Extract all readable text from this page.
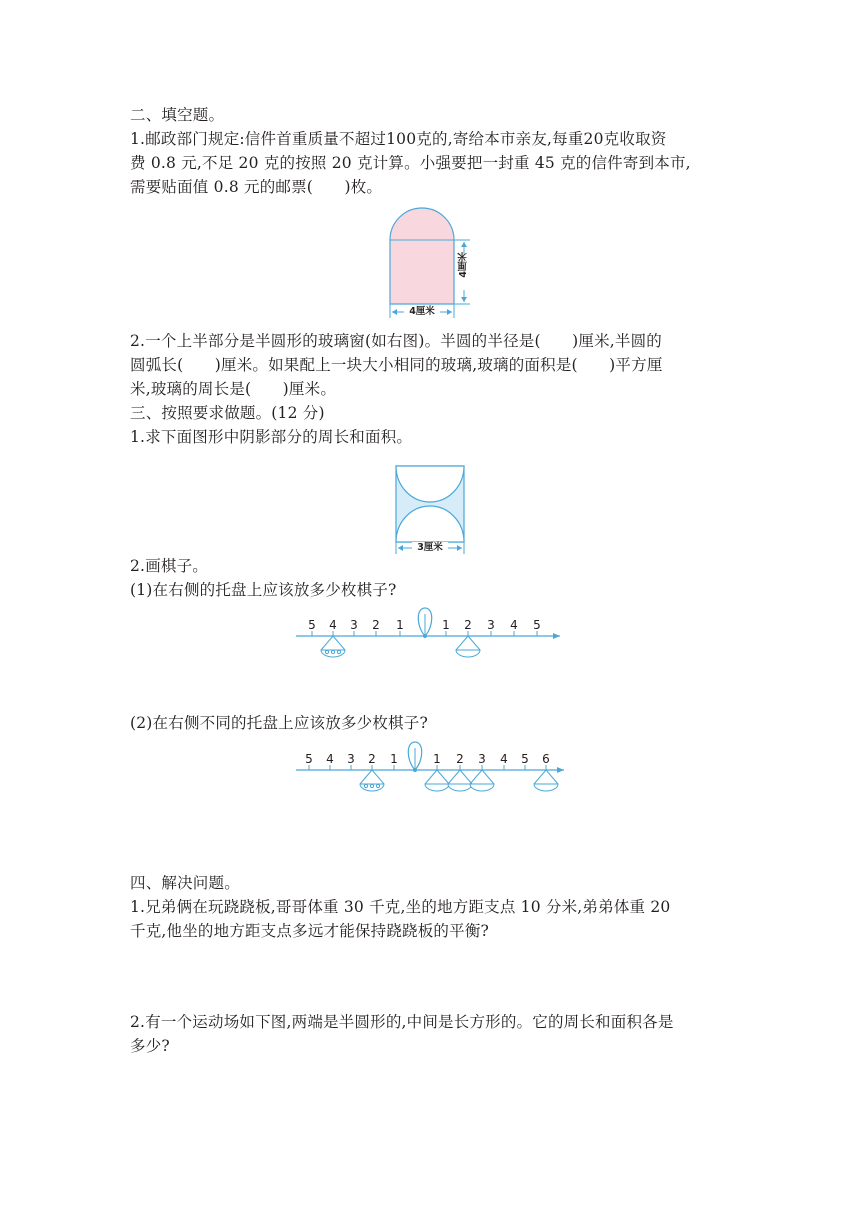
二、填空题。
1.邮政部门规定:信件首重质量不超过100克的,寄给本市亲友,每重20克收取资
费 0.8 元,不足 20 克的按照 20 克计算。小强要把一封重 45 克的信件寄到本市,
需要贴面值 0.8 元的邮票(　　)枚。
4厘米
4厘米
2.一个上半部分是半圆形的玻璃窗(如右图)。半圆的半径是(　　)厘米,半圆的
圆弧长(　　)厘米。如果配上一块大小相同的玻璃,玻璃的面积是(　　)平方厘
米,玻璃的周长是(　　)厘米。
三、按照要求做题。(12 分)
1.求下面图形中阴影部分的周长和面积。
3厘米
2.画棋子。
(1)在右侧的托盘上应该放多少枚棋子?
5 4 3 2 1	1 2 3 4 5
(2)在右侧不同的托盘上应该放多少枚棋子?
5 4 3 2 1	1 2 3 4 5 6
四、解决问题。
1.兄弟俩在玩跷跷板,哥哥体重 30 千克,坐的地方距支点 10 分米,弟弟体重 20
千克,他坐的地方距支点多远才能保持跷跷板的平衡?
2.有一个运动场如下图,两端是半圆形的,中间是长方形的。它的周长和面积各是
多少?
